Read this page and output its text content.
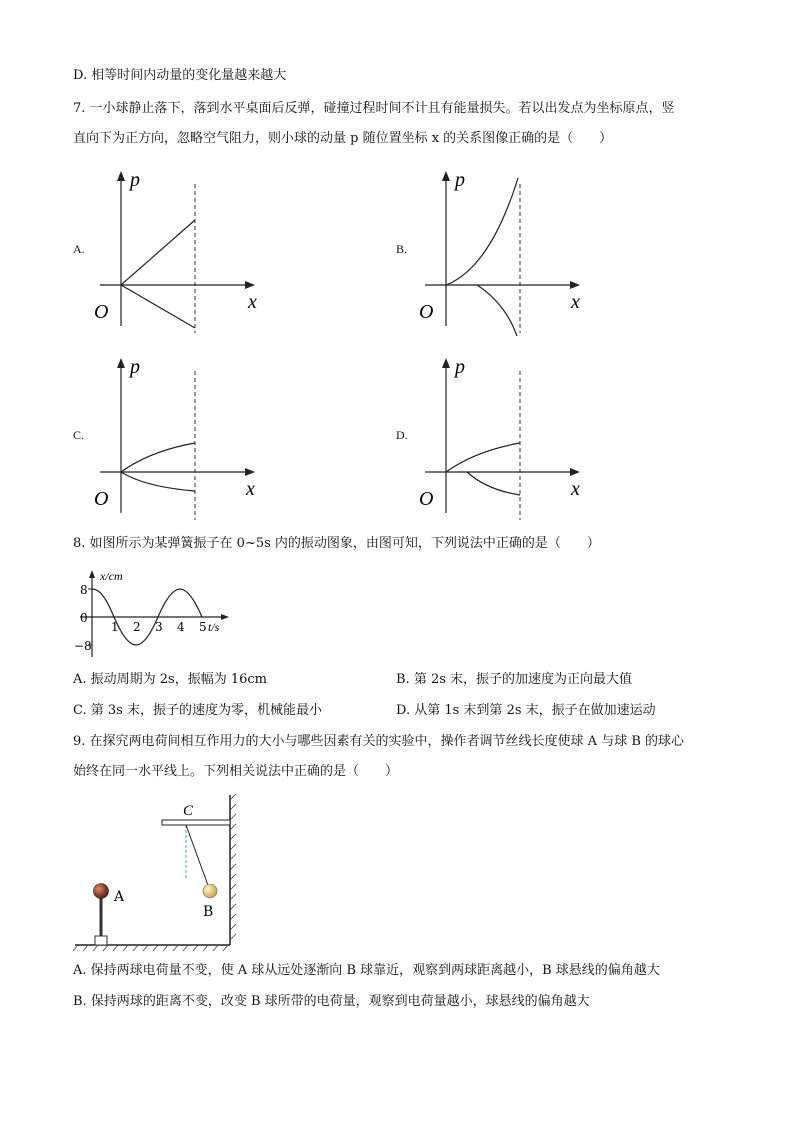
D. 相等时间内动量的变化量越来越大
7. 一小球静止落下，落到水平桌面后反弹，碰撞过程时间不计且有能量损失。若以出发点为坐标原点，竖
直向下为正方向，忽略空气阻力，则小球的动量 p 随位置坐标 x 的关系图像正确的是（　　）
A.	B.
C.	D.
p
x
O
p
x
O
p
x
O
p
x
O
8. 如图所示为某弹簧振子在 0~5s 内的振动图象，由图可知，下列说法中正确的是（　　）
x/cm
8
0
−8
1 2 3 4 5 t/s
A. 振动周期为 2s，振幅为 16cm	B. 第 2s 末，振子的加速度为正向最大值
C. 第 3s 末，振子的速度为零，机械能最小	D. 从第 1s 末到第 2s 末，振子在做加速运动
9. 在探究两电荷间相互作用力的大小与哪些因素有关的实验中，操作者调节丝线长度使球 A 与球 B 的球心
始终在同一水平线上。下列相关说法中正确的是（　　）
C
A
B
A. 保持两球电荷量不变，使 A 球从远处逐渐向 B 球靠近，观察到两球距离越小，B 球悬线的偏角越大
B. 保持两球的距离不变，改变 B 球所带的电荷量，观察到电荷量越小，球悬线的偏角越大
